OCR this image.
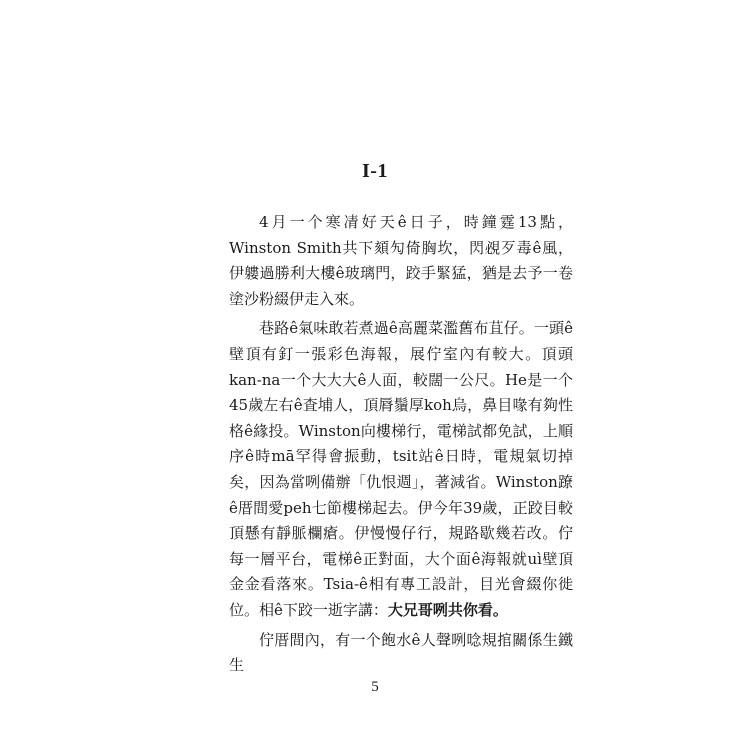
I-1

4月一个寒凊好天ê日子，時鐘霆13點，Winston Smith共下頦勼倚胸坎，閃覕歹毒ê風，伊軁過勝利大樓ê玻璃門，跤手緊猛，猶是去予一卷塗沙粉綴伊走入來。

巷路ê氣味敢若煮過ê高麗菜濫舊布苴仔。一頭ê壁頂有釘一張彩色海報，展佇室內有較大。頂頭kan-na一个大大大ê人面，較闊一公尺。He是一个45歲左右ê査埔人，頂脣鬚厚koh烏，鼻目喙有夠性格ê緣投。Winston向樓梯行，電梯試都免試，上順序ê時mā罕得會振動，tsit站ê日時，電規氣切掉矣，因為當咧備辦「仇恨週」，著減省。Winston蹽ê厝間愛peh七節樓梯起去。伊今年39歲，正跤目較頂懸有靜脈欄瘡。伊慢慢仔行，規路歇幾若改。佇每一層平台，電梯ê正對面，大个面ê海報就uì壁頂金金看落來。Tsia-ê相有專工設計，目光會綴你徙位。相ê下跤一逝字講：大兄哥咧共你看。

佇厝間內，有一个飽水ê人聲咧唸規捾關係生鐵生

5
